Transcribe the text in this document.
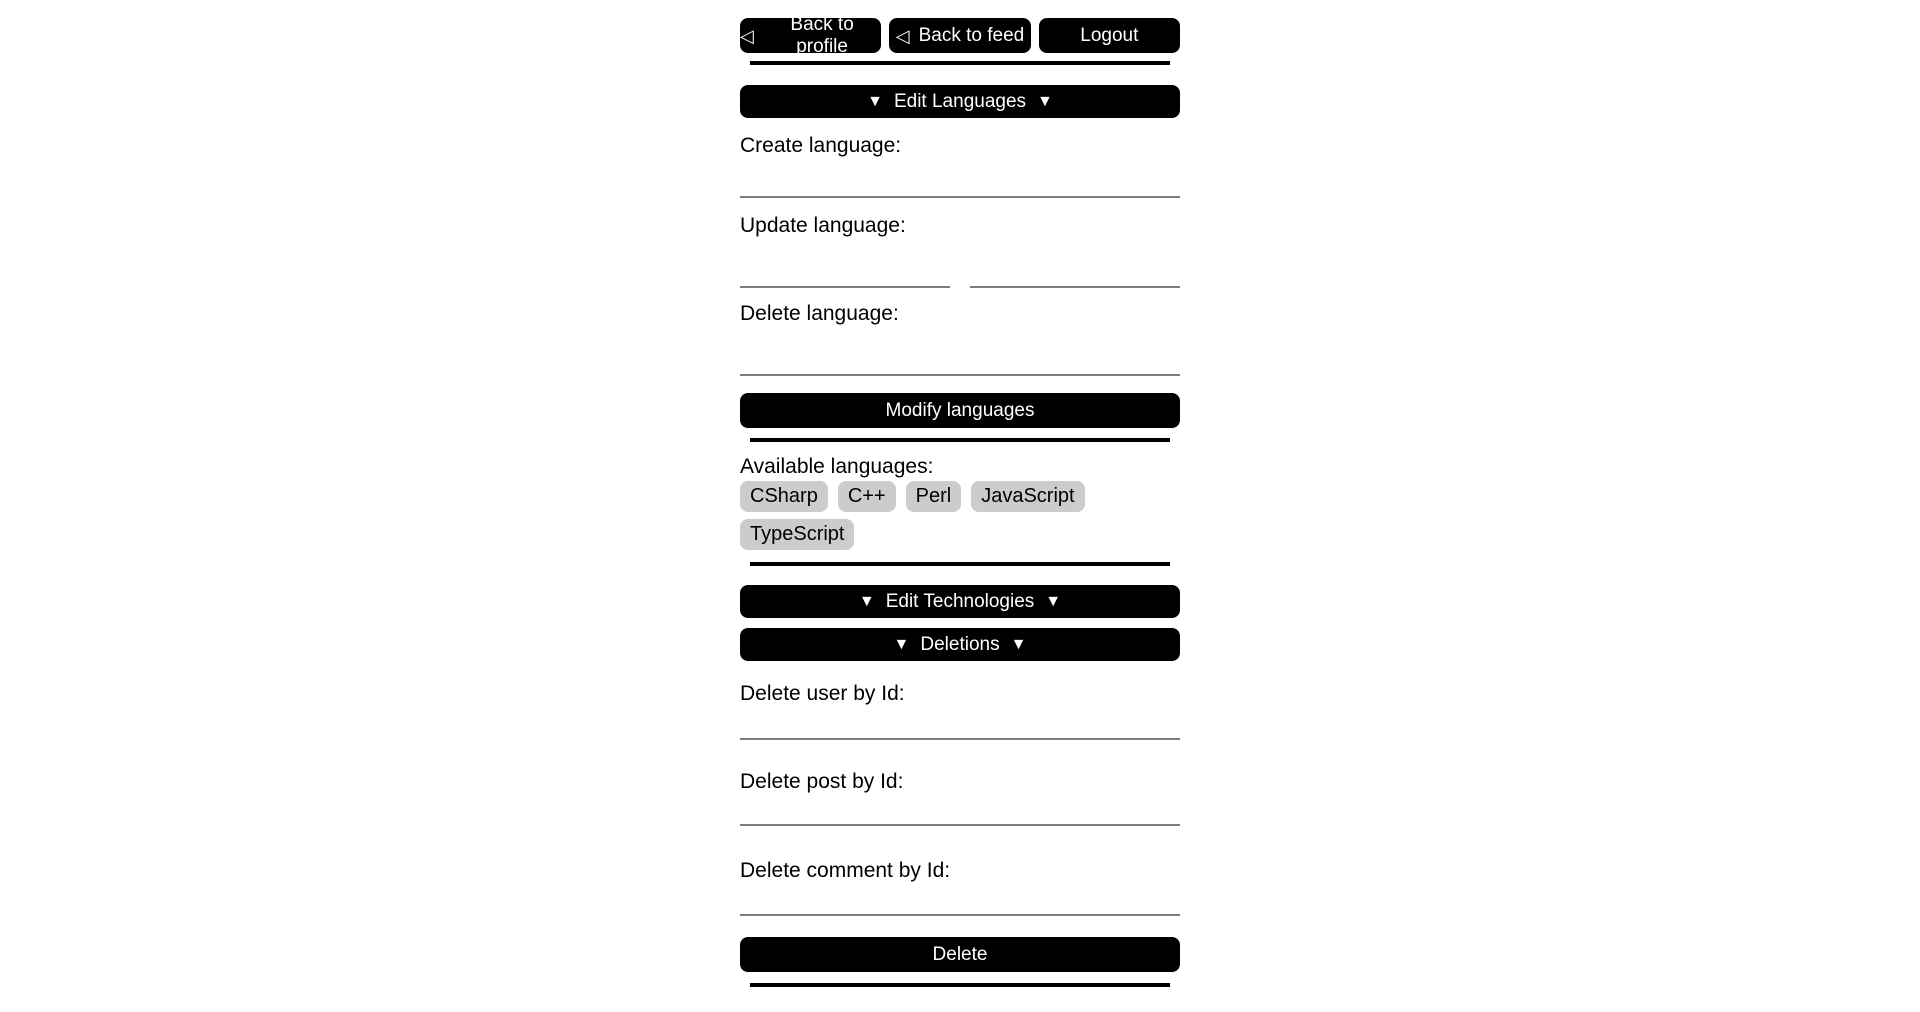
◁
Back to profile	◁ Back to feed	Logout
▼ Edit Languages ▼
Create language:
Update language:
Delete language:
Modify languages
Available languages:
CSharp	C++	Perl	JavaScript
TypeScript
▼ Edit Technologies ▼
▼ Deletions ▼
Delete user by Id:
Delete post by Id:
Delete comment by Id:
Delete
